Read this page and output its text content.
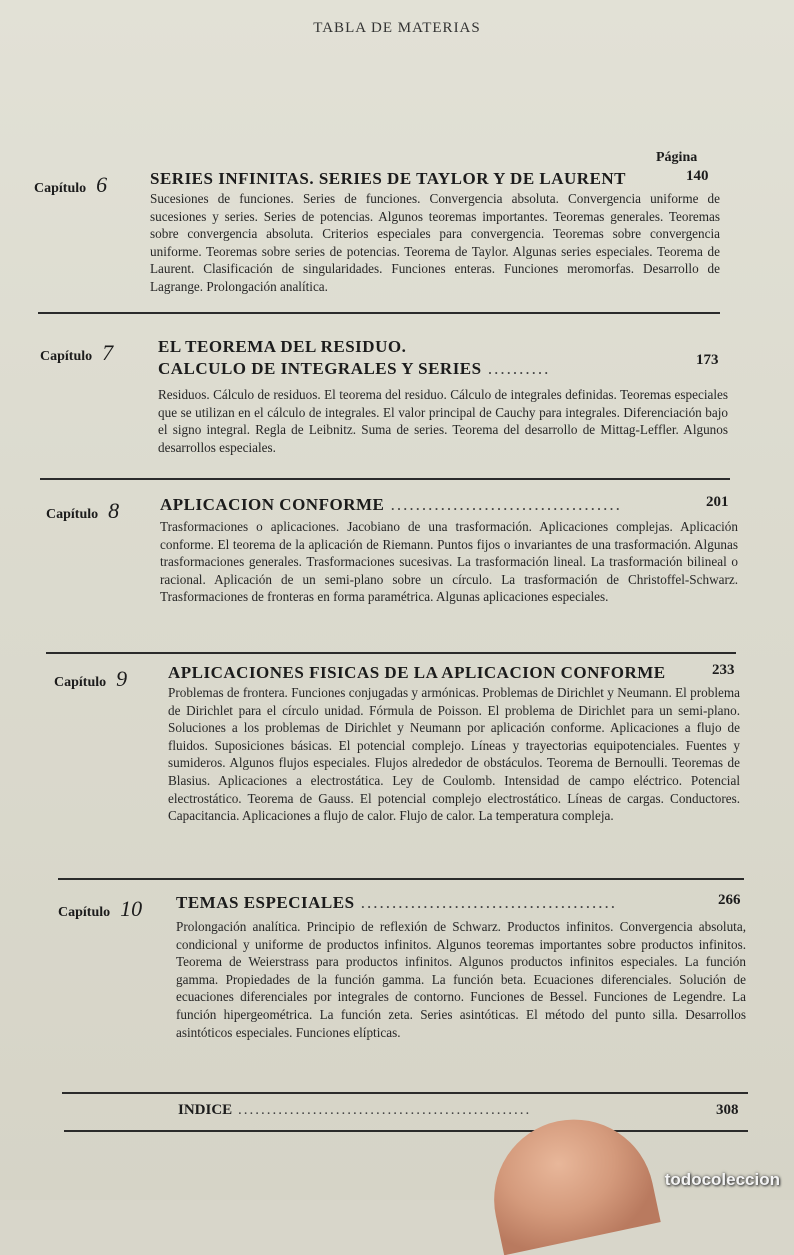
TABLA DE MATERIAS
Página
Capítulo 6	SERIES INFINITAS. SERIES DE TAYLOR Y DE LAURENT	140
Sucesiones de funciones. Series de funciones. Convergencia absoluta. Convergencia uniforme de sucesiones y series. Series de potencias. Algunos teoremas importantes. Teoremas generales. Teoremas sobre convergencia absoluta. Criterios especiales para convergencia. Teoremas sobre convergencia uniforme. Teoremas sobre series de potencias. Teorema de Taylor. Algunas series especiales. Teorema de Laurent. Clasificación de singularidades. Funciones enteras. Funciones meromorfas. Desarrollo de Lagrange. Prolongación analítica.
Capítulo 7	EL TEOREMA DEL RESIDUO.
CALCULO DE INTEGRALES Y SERIES ..........	173
Residuos. Cálculo de residuos. El teorema del residuo. Cálculo de integrales definidas. Teoremas especiales que se utilizan en el cálculo de integrales. El valor principal de Cauchy para integrales. Diferenciación bajo el signo integral. Regla de Leibnitz. Suma de series. Teorema del desarrollo de Mittag-Leffler. Algunos desarrollos especiales.
Capítulo 8 APLICACION CONFORME .....................................	201
Trasformaciones o aplicaciones. Jacobiano de una trasformación. Aplicaciones complejas. Aplicación conforme. El teorema de la aplicación de Riemann. Puntos fijos o invariantes de una trasformación. Algunas trasformaciones generales. Trasformaciones sucesivas. La trasformación lineal. La trasformación bilineal o racional. Aplicación de un semi-plano sobre un círculo. La trasformación de Christoffel-Schwarz. Trasformaciones de fronteras en forma paramétrica. Algunas aplicaciones especiales.
Capítulo 9 APLICACIONES FISICAS DE LA APLICACION CONFORME	233
Problemas de frontera. Funciones conjugadas y armónicas. Problemas de Dirichlet y Neumann. El problema de Dirichlet para el círculo unidad. Fórmula de Poisson. El problema de Dirichlet para un semi-plano. Soluciones a los problemas de Dirichlet y Neumann por aplicación conforme. Aplicaciones a flujo de fluidos. Suposiciones básicas. El potencial complejo. Líneas y trayectorias equipotenciales. Fuentes y sumideros. Algunos flujos especiales. Flujos alrededor de obstáculos. Teorema de Bernoulli. Teoremas de Blasius. Aplicaciones a electrostática. Ley de Coulomb. Intensidad de campo eléctrico. Potencial electrostático. Teorema de Gauss. El potencial complejo electrostático. Líneas de cargas. Conductores. Capacitancia. Aplicaciones a flujo de calor. Flujo de calor. La temperatura compleja.
Capítulo 10 TEMAS ESPECIALES .........................................	266
Prolongación analítica. Principio de reflexión de Schwarz. Productos infinitos. Convergencia absoluta, condicional y uniforme de productos infinitos. Algunos teoremas importantes sobre productos infinitos. Teorema de Weierstrass para productos infinitos. Algunos productos infinitos especiales. La función gamma. Propiedades de la función gamma. La función beta. Ecuaciones diferenciales. Solución de ecuaciones diferenciales por integrales de contorno. Funciones de Bessel. Funciones de Legendre. La función hipergeométrica. La función zeta. Series asintóticas. El método del punto silla. Desarrollos asintóticos especiales. Funciones elípticas.
INDICE ...................................................	308
todocoleccion
